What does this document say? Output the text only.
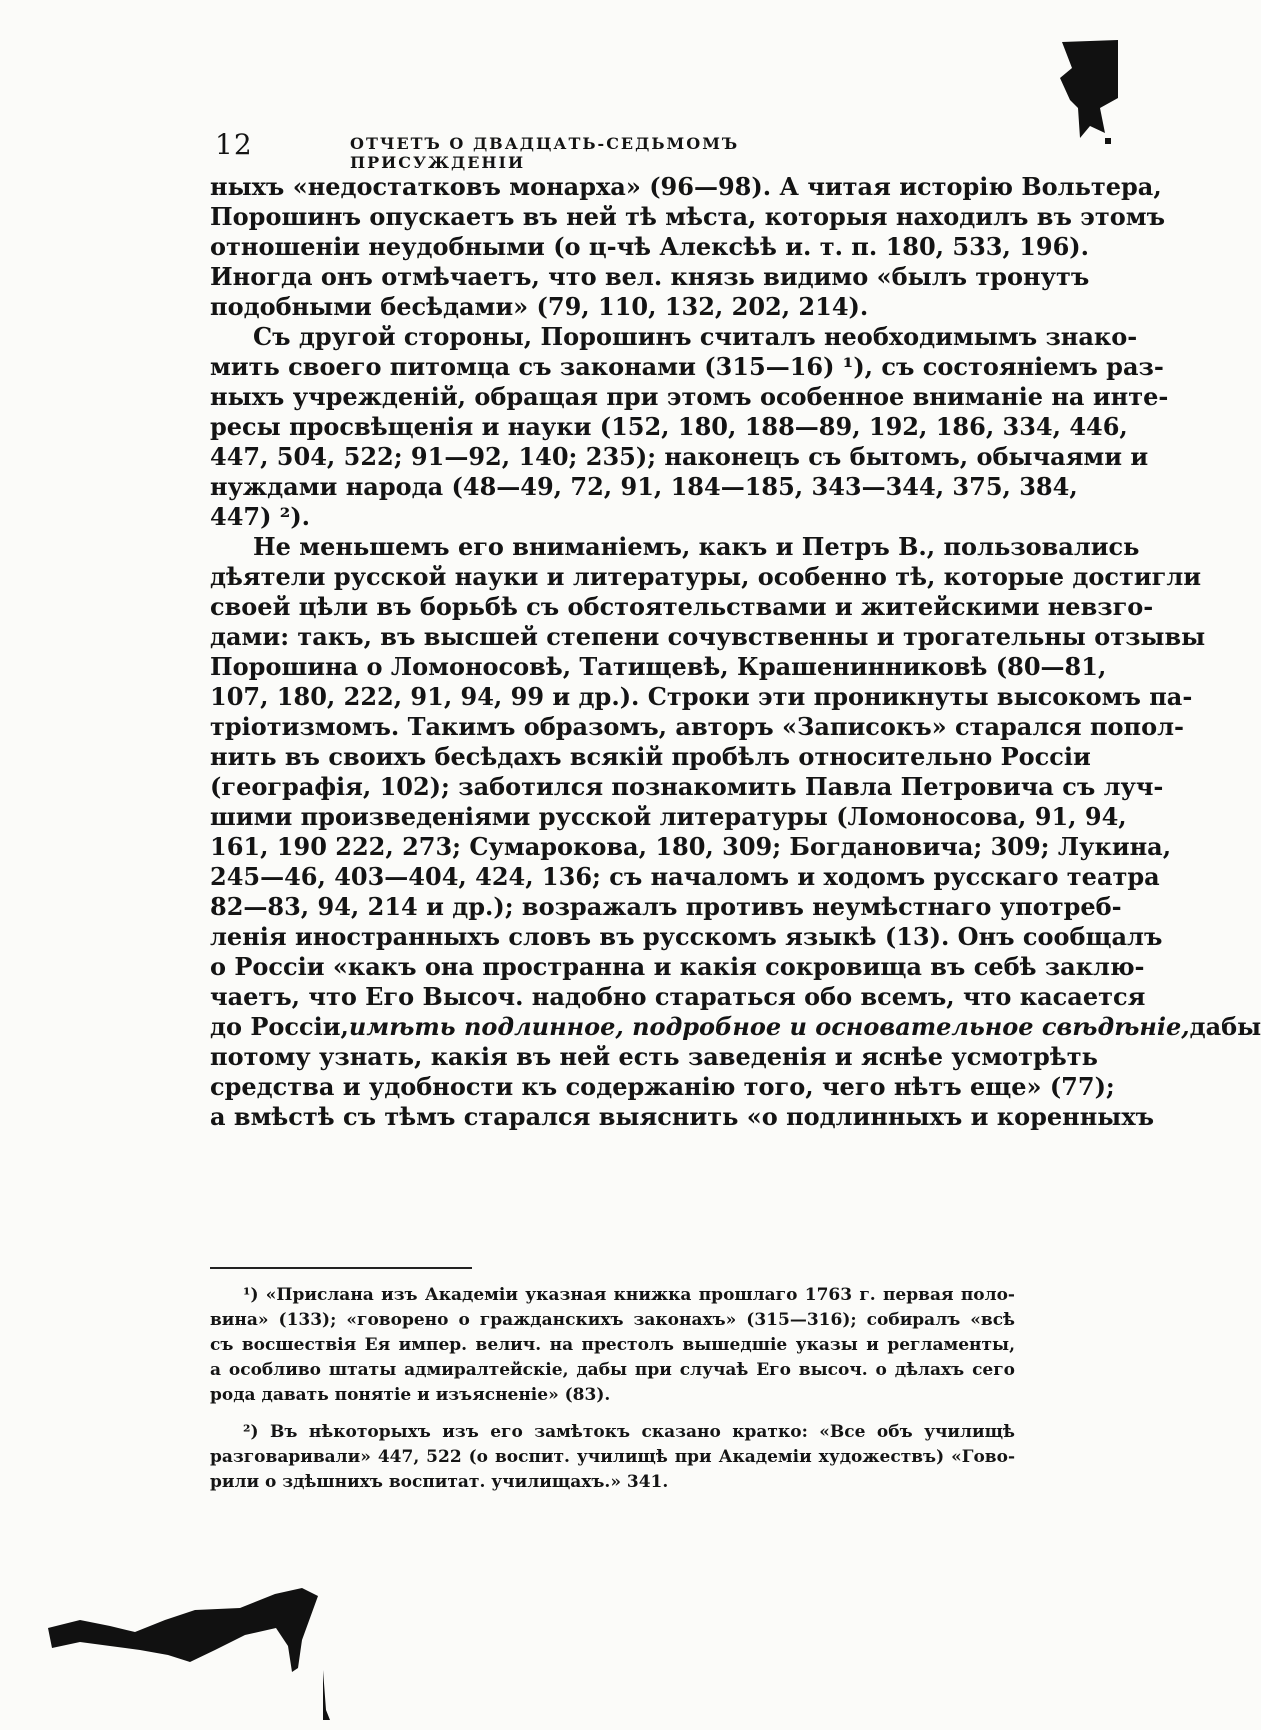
12	ОТЧЕТЪ О ДВАДЦАТЬ-СЕДЬМОМЪ ПРИСУЖДЕНІИ
ныхъ «недостатковъ монарха» (96—98). А читая исторію Вольтера,
Порошинъ опускаетъ въ ней тѣ мѣста, которыя находилъ въ этомъ
отношеніи неудобными (о ц-чѣ Алексѣѣ и. т. п. 180, 533, 196).
Иногда онъ отмѣчаетъ, что вел. князь видимо «былъ тронутъ
подобными бесѣдами» (79, 110, 132, 202, 214).
Съ другой стороны, Порошинъ считалъ необходимымъ знако-
мить своего питомца съ законами (315—16) ¹), съ состояніемъ раз-
ныхъ учрежденій, обращая при этомъ особенное вниманіе на инте-
ресы просвѣщенія и науки (152, 180, 188—89, 192, 186, 334, 446,
447, 504, 522; 91—92, 140; 235); наконецъ съ бытомъ, обычаями и
нуждами народа (48—49, 72, 91, 184—185, 343—344, 375, 384,
447) ²).
Не меньшемъ его вниманіемъ, какъ и Петръ В., пользовались
дѣятели русской науки и литературы, особенно тѣ, которые достигли
своей цѣли въ борьбѣ съ обстоятельствами и житейскими невзго-
дами: такъ, въ высшей степени сочувственны и трогательны отзывы
Порошина о Ломоносовѣ, Татищевѣ, Крашенинниковѣ (80—81,
107, 180, 222, 91, 94, 99 и др.). Строки эти проникнуты высокомъ па-
тріотизмомъ. Такимъ образомъ, авторъ «Записокъ» старался попол-
нить въ своихъ бесѣдахъ всякій пробѣлъ относительно Россіи
(географія, 102); заботился познакомить Павла Петровича съ луч-
шими произведеніями русской литературы (Ломоносова, 91, 94,
161, 190 222, 273; Сумарокова, 180, 309; Богдановича; 309; Лукина,
245—46, 403—404, 424, 136; съ началомъ и ходомъ русскаго театра
82—83, 94, 214 и др.); возражалъ противъ неумѣстнаго употреб-
ленія иностранныхъ словъ въ русскомъ языкѣ (13). Онъ сообщалъ
о Россіи «какъ она пространна и какія сокровища въ себѣ заклю-
чаетъ, что Его Высоч. надобно стараться обо всемъ, что касается
до Россіи, имѣть подлинное, подробное и основательное свѣдѣніе, дабы
потому узнать, какія въ ней есть заведенія и яснѣе усмотрѣть
средства и удобности къ содержанію того, чего нѣтъ еще» (77);
а вмѣстѣ съ тѣмъ старался выяснить «о подлинныхъ и коренныхъ
¹) «Прислана изъ Академіи указная книжка прошлаго 1763 г. первая поло-
вина» (133); «говорено о гражданскихъ законахъ» (315—316); собиралъ «всѣ
съ восшествія Ея импер. велич. на престолъ вышедшіе указы и регламенты,
а особливо штаты адмиралтейскіе, дабы при случаѣ Его высоч. о дѣлахъ сего
рода давать понятіе и изъясненіе» (83).
²) Въ нѣкоторыхъ изъ его замѣтокъ сказано кратко: «Все объ училищѣ
разговаривали» 447, 522 (о воспит. училищѣ при Академіи художествъ) «Гово-
рили о здѣшнихъ воспитат. училищахъ.» 341.
